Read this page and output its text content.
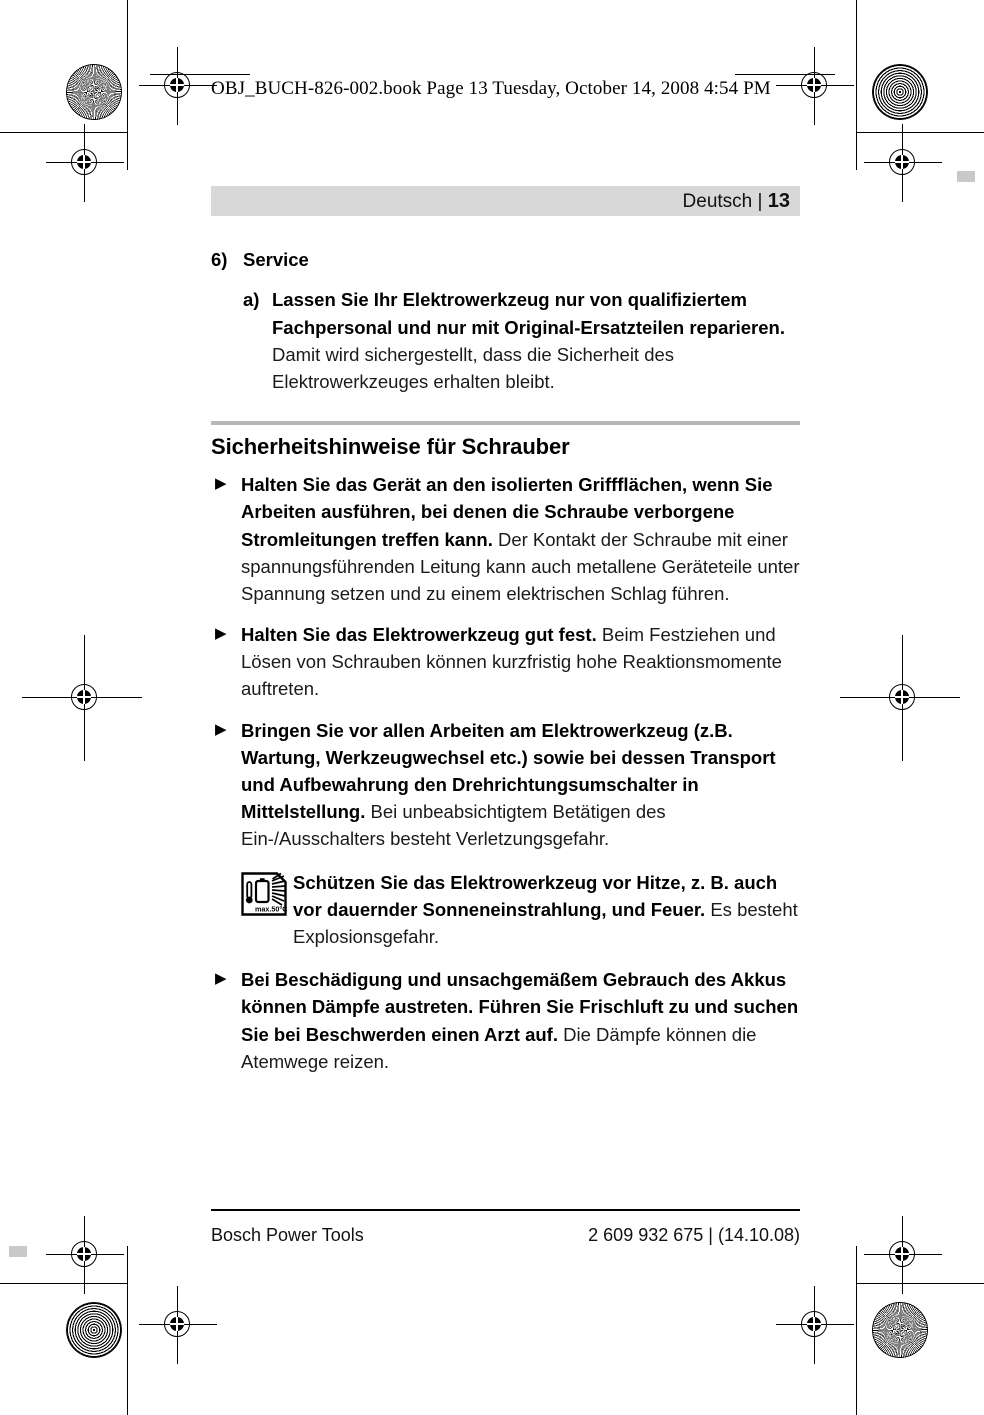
OBJ_BUCH-826-002.book Page 13 Tuesday, October 14, 2008 4:54 PM
Deutsch | 13
6) Service
a) Lassen Sie Ihr Elektrowerkzeug nur von qualifiziertem Fachpersonal und nur mit Original-Ersatzteilen reparieren. Damit wird sichergestellt, dass die Sicherheit des Elektrowerkzeuges erhalten bleibt.
Sicherheitshinweise für Schrauber
▶ Halten Sie das Gerät an den isolierten Griffflächen, wenn Sie Arbeiten ausführen, bei denen die Schraube verborgene Stromleitungen treffen kann. Der Kontakt der Schraube mit einer spannungsführenden Leitung kann auch metallene Geräteteile unter Spannung setzen und zu einem elektrischen Schlag führen.
▶ Halten Sie das Elektrowerkzeug gut fest. Beim Festziehen und Lösen von Schrauben können kurzfristig hohe Reaktionsmomente auftreten.
▶ Bringen Sie vor allen Arbeiten am Elektrowerkzeug (z.B. Wartung, Werkzeugwechsel etc.) sowie bei dessen Transport und Aufbewahrung den Drehrichtungsumschalter in Mittelstellung. Bei unbeabsichtigtem Betätigen des Ein-/Ausschalters besteht Verletzungsgefahr.
max.50°C
Schützen Sie das Elektrowerkzeug vor Hitze, z. B. auch vor dauernder Sonneneinstrahlung, und Feuer. Es besteht Explosionsgefahr.
▶ Bei Beschädigung und unsachgemäßem Gebrauch des Akkus können Dämpfe austreten. Führen Sie Frischluft zu und suchen Sie bei Beschwerden einen Arzt auf. Die Dämpfe können die Atemwege reizen.
Bosch Power Tools	2 609 932 675 | (14.10.08)
